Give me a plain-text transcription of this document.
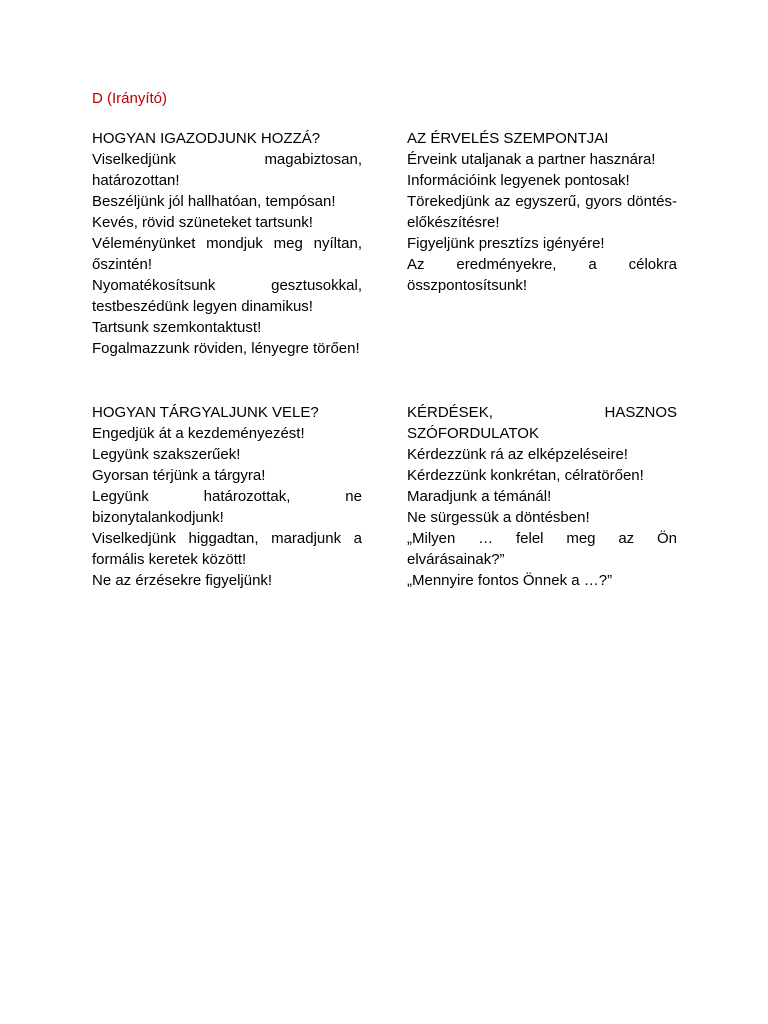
D (Irányító)
HOGYAN IGAZODJUNK HOZZÁ?

Viselkedjünk magabiztosan, határozottan!

Beszéljünk jól hallhatóan, tempósan!

Kevés, rövid szüneteket tartsunk!

Véleményünket mondjuk meg nyíltan, őszintén!

Nyomatékosítsunk gesztusokkal, testbeszédünk legyen dinamikus!

Tartsunk szemkontaktust!

Fogalmazzunk röviden, lényegre törően!

AZ ÉRVELÉS SZEMPONTJAI

Érveink utaljanak a partner hasznára!

Információink legyenek pontosak!

Törekedjünk az egyszerű, gyors döntés-előkészítésre!

Figyeljünk presztízs igényére!

Az eredményekre, a célokra összpontosítsunk!

HOGYAN TÁRGYALJUNK VELE?

Engedjük át a kezdeményezést!

Legyünk szakszerűek!

Gyorsan térjünk a tárgyra!

Legyünk határozottak, ne bizonytalankodjunk!

Viselkedjünk higgadtan, maradjunk a formális keretek között!

Ne az érzésekre figyeljünk!

KÉRDÉSEK, HASZNOS SZÓFORDULATOK

Kérdezzünk rá az elképzeléseire!

Kérdezzünk konkrétan, célratörően!

Maradjunk a témánál!

Ne sürgessük a döntésben!

„Milyen … felel meg az Ön elvárásainak?”

„Mennyire fontos Önnek a …?”
